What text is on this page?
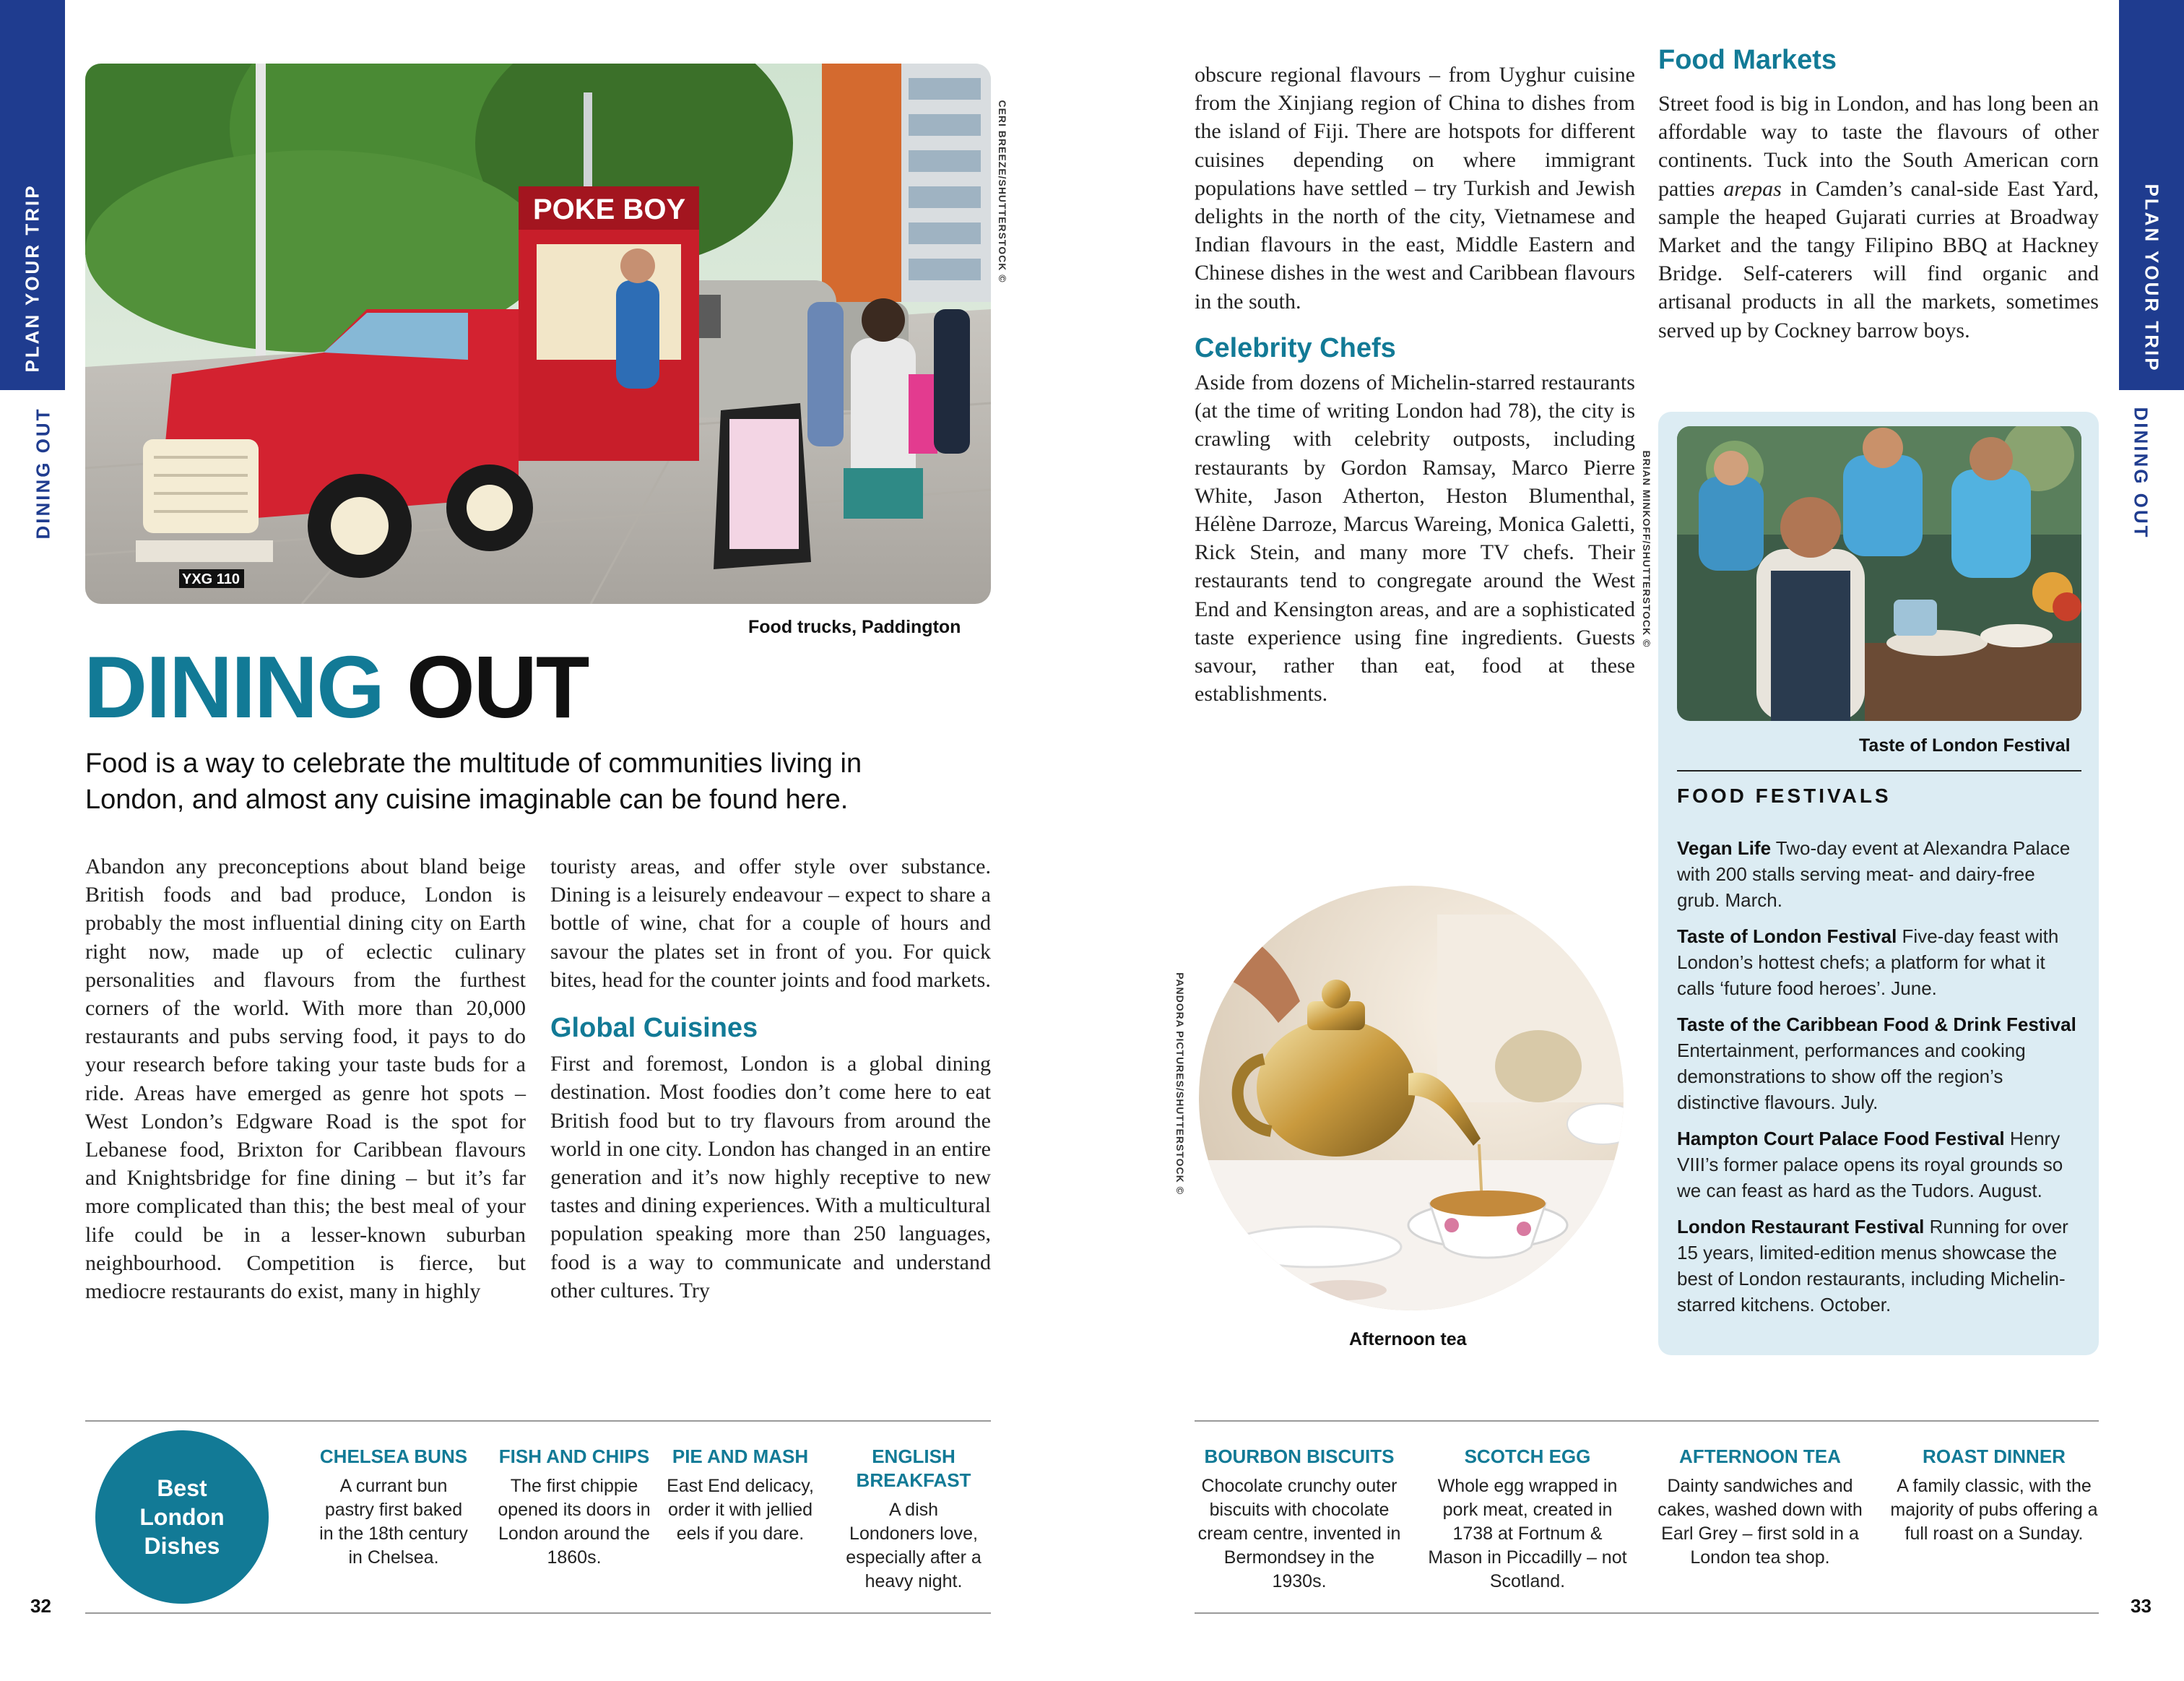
PLAN YOUR TRIP
DINING OUT
PLAN YOUR TRIP
DINING OUT
POKE BOY
YXG 110
CERI BREEZE/SHUTTERSTOCK ©
Food trucks, Paddington
DINING OUT

Food is a way to celebrate the multitude of communities living in London, and almost any cuisine imaginable can be found here.

Abandon any preconceptions about bland beige British foods and bad produce, London is probably the most influential dining city on Earth right now, made up of eclectic culinary personalities and flavours from the furthest corners of the world. With more than 20,000 restaurants and pubs serving food, it pays to do your research before taking your taste buds for a ride. Areas have emerged as genre hot spots – West London’s Edgware Road is the spot for Lebanese food, Brixton for Caribbean flavours and Knightsbridge for fine dining – but it’s far more complicated than this; the best meal of your life could be in a lesser-known suburban neighbourhood. Competition is fierce, but mediocre restaurants do exist, many in highly

touristy areas, and offer style over substance. Dining is a leisurely endeavour – expect to share a bottle of wine, chat for a couple of hours and savour the plates set in front of you. For quick bites, head for the counter joints and food markets.

Global Cuisines

First and foremost, London is a global dining destination. Most foodies don’t come here to eat British food but to try flavours from around the world in one city. London has changed in an entire generation and it’s now highly receptive to new tastes and dining experiences. With a multicultural population speaking more than 250 languages, food is a way to communicate and understand other cultures. Try

obscure regional flavours – from Uyghur cuisine from the Xinjiang region of China to dishes from the island of Fiji. There are hotspots for different cuisines depending on where immigrant populations have settled – try Turkish and Jewish delights in the north of the city, Vietnamese and Indian flavours in the east, Middle Eastern and Chinese dishes in the west and Caribbean flavours in the south.

Celebrity Chefs

Aside from dozens of Michelin-starred restaurants (at the time of writing London had 78), the city is crawling with celebrity outposts, including restaurants by Gordon Ramsay, Marco Pierre White, Jason Atherton, Heston Blumenthal, Hélène Darroze, Marcus Wareing, Monica Galetti, Rick Stein, and many more TV chefs. Their restaurants tend to congregate around the West End and Kensington areas, and are a sophisticated taste experience using fine ingredients. Guests savour, rather than eat, food at these establishments.

PANDORA PICTURES/SHUTTERSTOCK ©
Afternoon tea
Food Markets

Street food is big in London, and has long been an affordable way to taste the flavours of other continents. Tuck into the South American corn patties arepas in Camden’s canal-side East Yard, sample the heaped Gujarati curries at Broadway Market and the tangy Filipino BBQ at Hackney Bridge. Self-caterers will find organic and artisanal products in all the markets, sometimes served up by Cockney barrow boys.

BRIAN MINKOFF/SHUTTERSTOCK ©
Taste of London Festival
FOOD FESTIVALS

Vegan Life Two-day event at Alexandra Palace with 200 stalls serving meat- and dairy-free grub. March.

Taste of London Festival Five-day feast with London’s hottest chefs; a platform for what it calls ‘future food heroes’. June.

Taste of the Caribbean Food & Drink Festival Entertainment, performances and cooking demonstrations to show off the region’s distinctive flavours. July.

Hampton Court Palace Food Festival Henry VIII’s former palace opens its royal grounds so we can feast as hard as the Tudors. August.

London Restaurant Festival Running for over 15 years, limited-edition menus showcase the best of London restaurants, including Michelin-starred kitchens. October.

Best London Dishes

CHELSEA BUNS

A currant bun pastry first baked in the 18th century in Chelsea.

FISH AND CHIPS

The first chippie opened its doors in London around the 1860s.

PIE AND MASH

East End delicacy, order it with jellied eels if you dare.

ENGLISH BREAKFAST

A dish Londoners love, especially after a heavy night.

BOURBON BISCUITS

Chocolate crunchy outer biscuits with chocolate cream centre, invented in Bermondsey in the 1930s.

SCOTCH EGG

Whole egg wrapped in pork meat, created in 1738 at Fortnum & Mason in Piccadilly – not Scotland.

AFTERNOON TEA

Dainty sandwiches and cakes, washed down with Earl Grey – first sold in a London tea shop.

ROAST DINNER

A family classic, with the majority of pubs offering a full roast on a Sunday.

32	33
